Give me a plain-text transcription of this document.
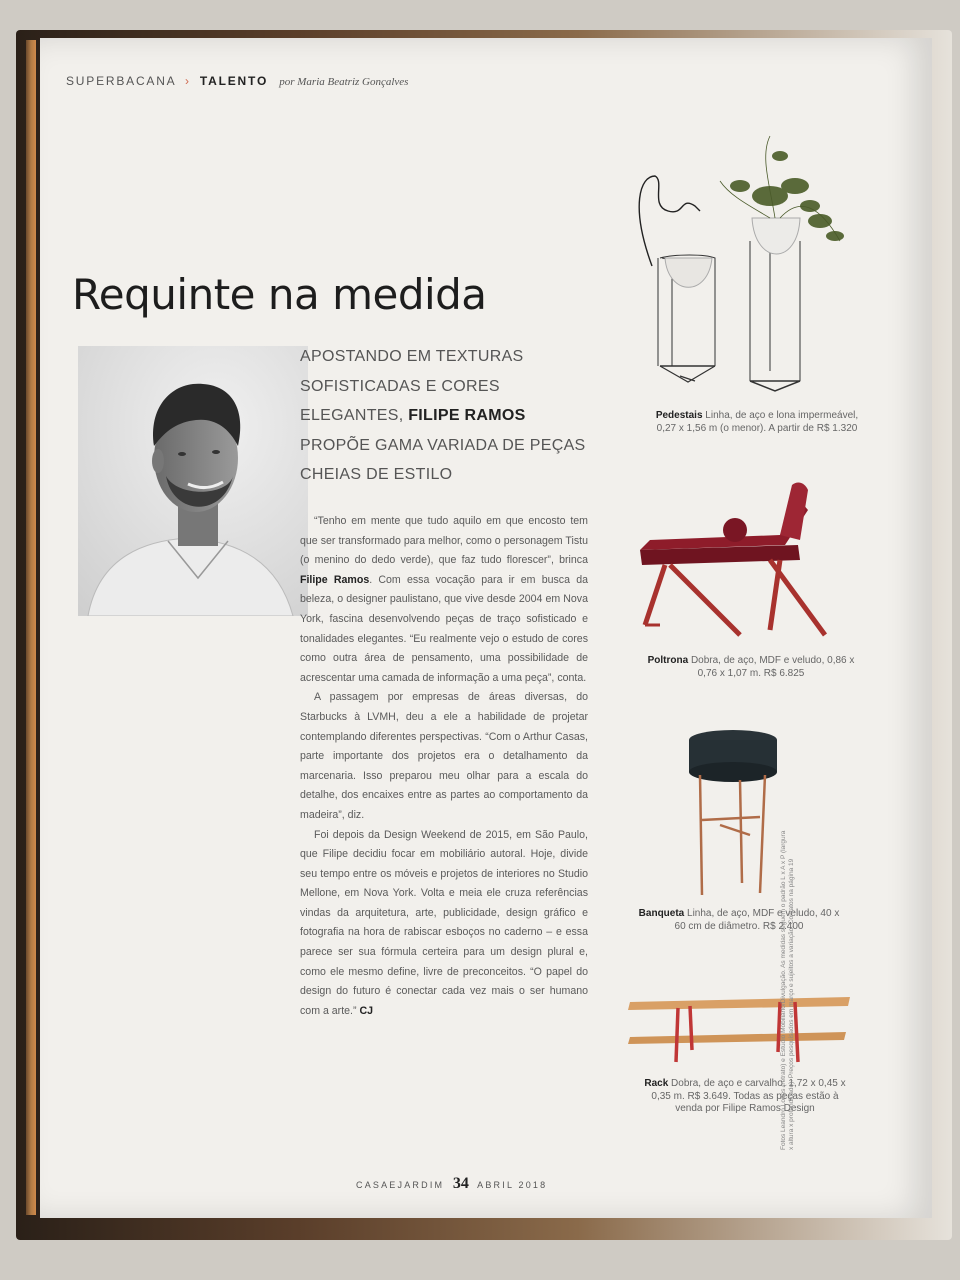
SUPERBACANA › TALENTO por Maria Beatriz Gonçalves
Requinte na medida
APOSTANDO EM TEXTURAS SOFISTICADAS E CORES ELEGANTES, FILIPE RAMOS PROPÕE GAMA VARIADA DE PEÇAS CHEIAS DE ESTILO

“Tenho em mente que tudo aquilo em que encosto tem que ser transformado para melhor, como o personagem Tistu (o menino do dedo verde), que faz tudo florescer”, brinca Filipe Ramos. Com essa vocação para ir em busca da beleza, o designer paulistano, que vive desde 2004 em Nova York, fascina desenvolvendo peças de traço sofisticado e tonalidades elegantes. “Eu realmente vejo o estudo de cores como outra área de pensamento, uma possibilidade de acrescentar uma camada de informação a uma peça”, conta.

A passagem por empresas de áreas diversas, do Starbucks à LVMH, deu a ele a habilidade de projetar contemplando diferentes perspectivas. “Com o Arthur Casas, parte importante dos projetos era o detalhamento da marcenaria. Isso preparou meu olhar para a escala do detalhe, dos encaixes entre as partes ao comportamento da madeira”, diz.

Foi depois da Design Weekend de 2015, em São Paulo, que Filipe decidiu focar em mobiliário autoral. Hoje, divide seu tempo entre os móveis e projetos de interiores no Studio Mellone, em Nova York. Volta e meia ele cruza referências vindas da arquitetura, arte, publicidade, design gráfico e fotografia na hora de rabiscar esboços no caderno – e essa parece ser sua fórmula certeira para um design plural e, como ele mesmo define, livre de preconceitos. “O papel do design do futuro é conectar cada vez mais o ser humano com a arte.” CJ

Pedestais Linha, de aço e lona impermeável, 0,27 x 1,56 m (o menor). A partir de R$ 1.320
Poltrona Dobra, de aço, MDF e veludo, 0,86 x 0,76 x 1,07 m. R$ 6.825
Banqueta Linha, de aço, MDF e veludo, 40 x 60 cm de diâmetro. R$ 2.400
Rack Dobra, de aço e carvalho, 1,72 x 0,45 x 0,35 m. R$ 3.649. Todas as peças estão à venda por Filipe Ramos Design
Fotos Leandro Lopes (retrato) e Estúdio Mobiliário/Divulgação. As medidas seguem o padrão L x A x P (largura x altura x profundidade). Preços pesquisados em março e sujeitos a variação. Contatos na página 19
CASAEJARDIM 34 ABRIL 2018
